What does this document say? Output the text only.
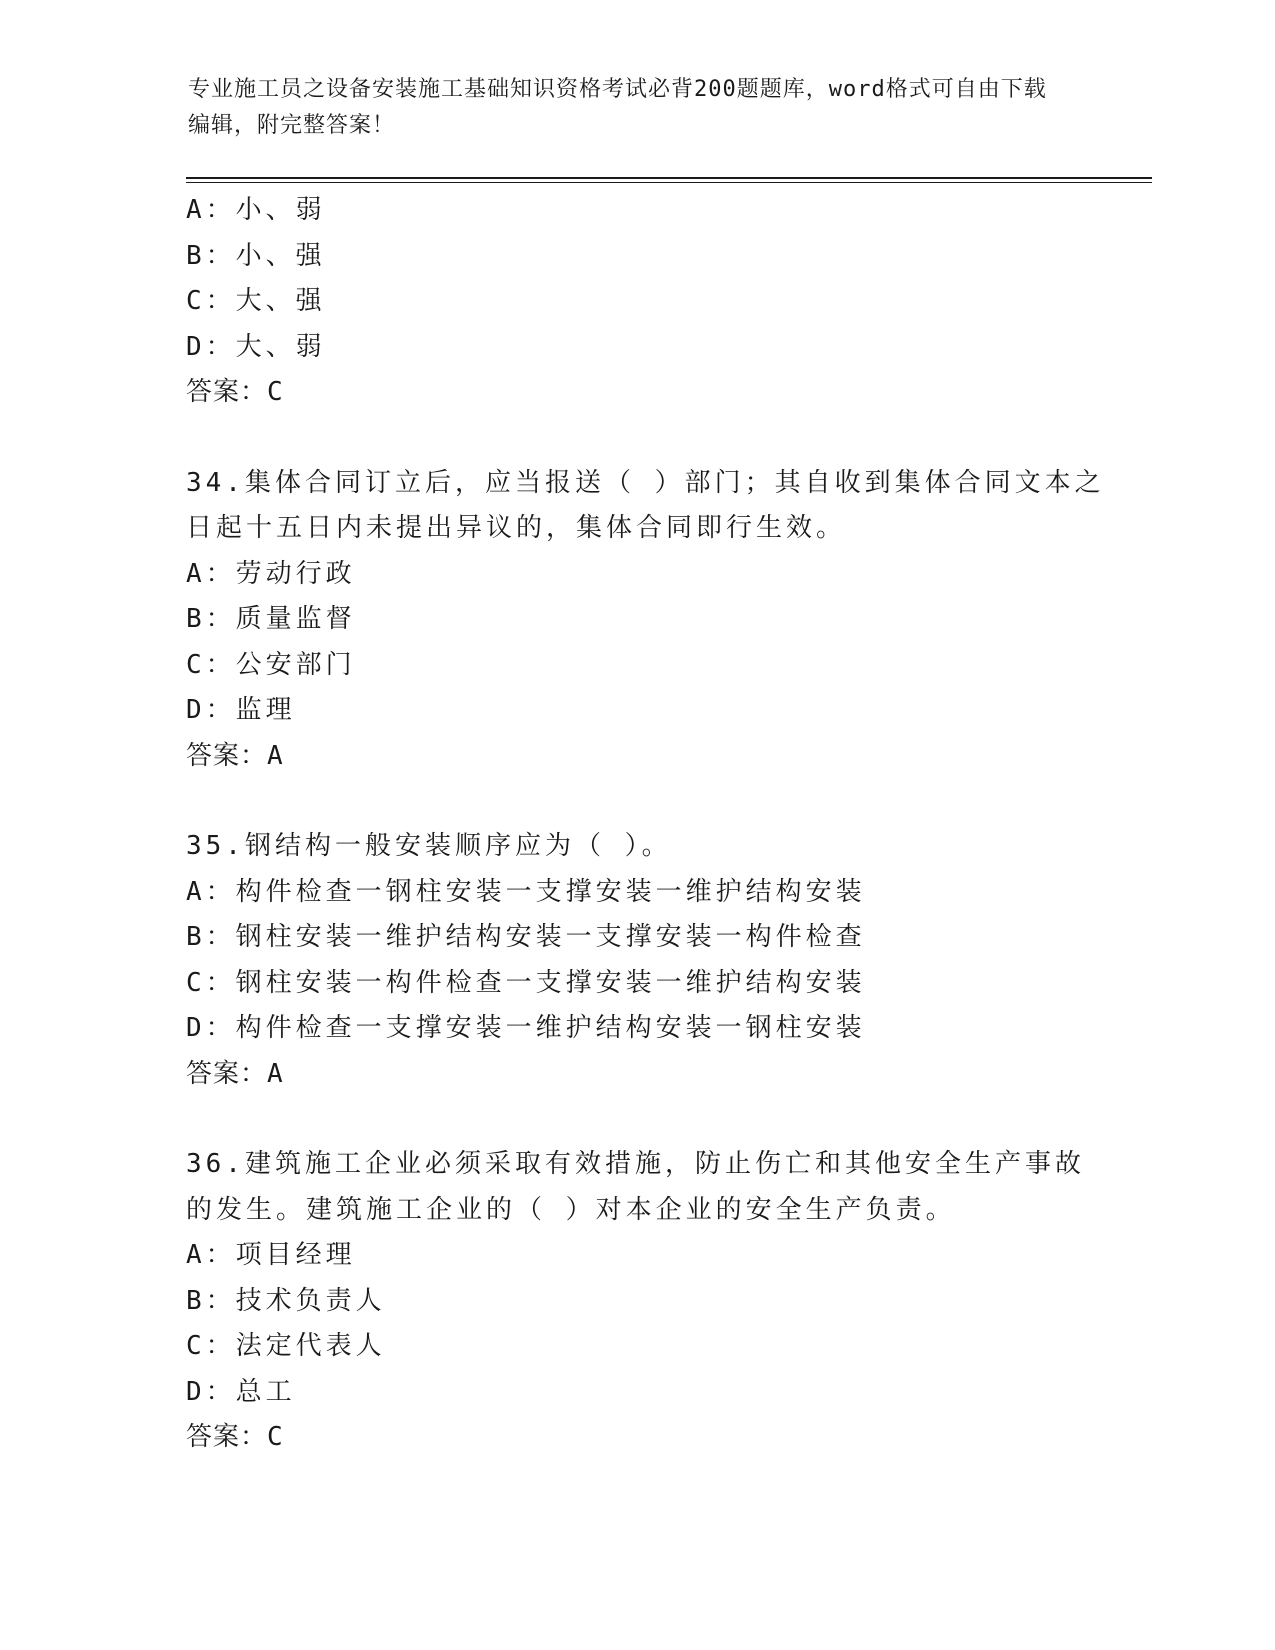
专业施工员之设备安装施工基础知识资格考试必背200题题库，word格式可自由下载编辑，附完整答案！
A：小、弱
B：小、强
C：大、强
D：大、弱
答案：C
34.集体合同订立后，应当报送（ ）部门；其自收到集体合同文本之日起十五日内未提出异议的，集体合同即行生效。
A：劳动行政
B：质量监督
C：公安部门
D：监理
答案：A
35.钢结构一般安装顺序应为（ ）。
A：构件检查一钢柱安装一支撑安装一维护结构安装
B：钢柱安装一维护结构安装一支撑安装一构件检查
C：钢柱安装一构件检查一支撑安装一维护结构安装
D：构件检查一支撑安装一维护结构安装一钢柱安装
答案：A
36.建筑施工企业必须采取有效措施，防止伤亡和其他安全生产事故的发生。建筑施工企业的（ ）对本企业的安全生产负责。
A：项目经理
B：技术负责人
C：法定代表人
D：总工
答案：C
